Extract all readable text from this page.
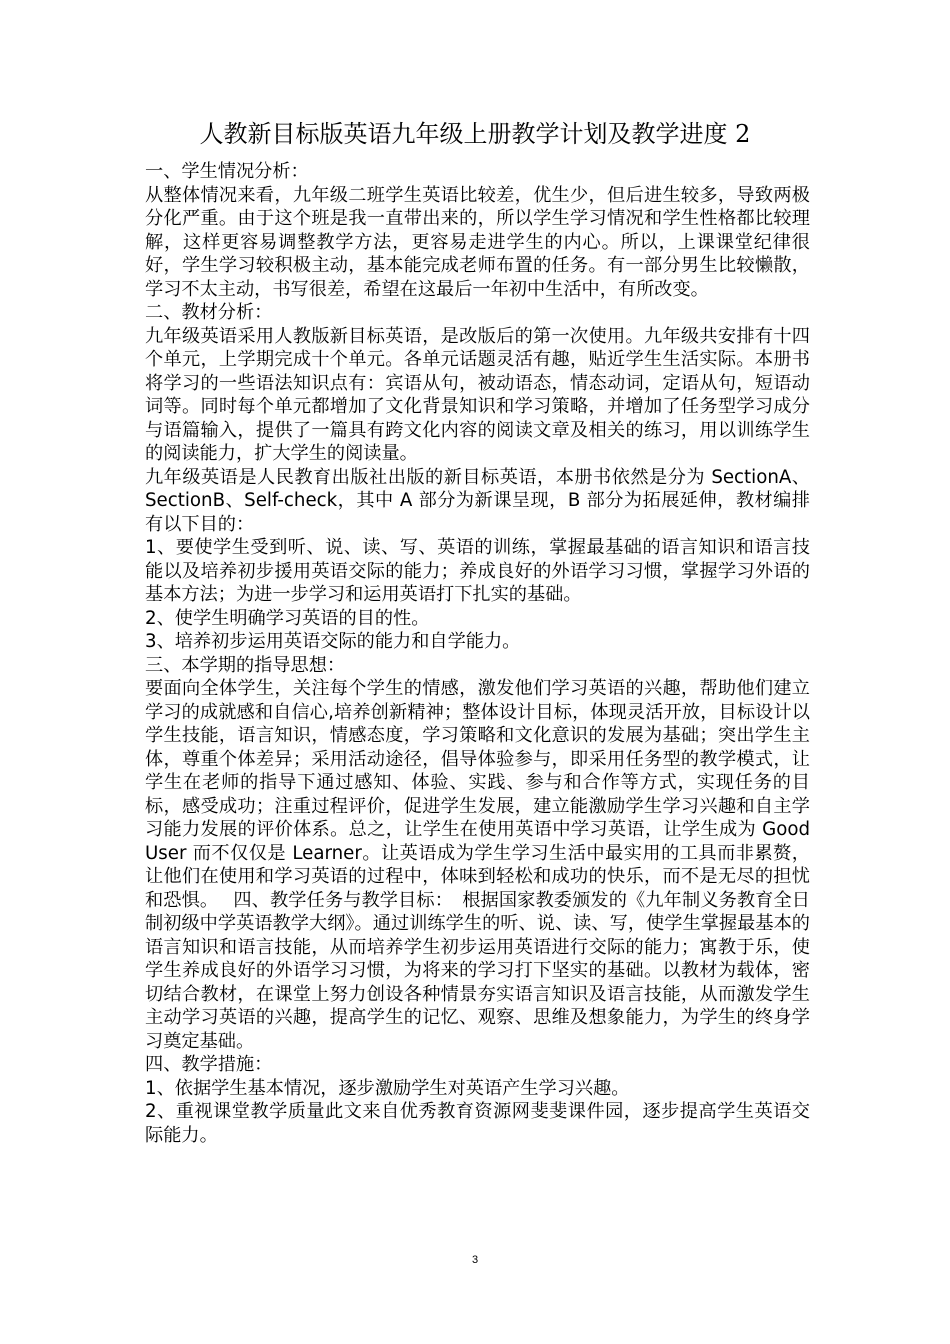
人教新目标版英语九年级上册教学计划及教学进度 2

一、学生情况分析：

从整体情况来看，九年级二班学生英语比较差，优生少，但后进生较多，导致两极分化严重。由于这个班是我一直带出来的，所以学生学习情况和学生性格都比较理解，这样更容易调整教学方法，更容易走进学生的内心。所以，上课课堂纪律很好，学生学习较积极主动，基本能完成老师布置的任务。有一部分男生比较懒散，学习不太主动，书写很差，希望在这最后一年初中生活中，有所改变。

二、教材分析：

九年级英语采用人教版新目标英语，是改版后的第一次使用。九年级共安排有十四个单元，上学期完成十个单元。各单元话题灵活有趣，贴近学生生活实际。本册书将学习的一些语法知识点有：宾语从句，被动语态，情态动词，定语从句，短语动词等。同时每个单元都增加了文化背景知识和学习策略，并增加了任务型学习成分与语篇输入，提供了一篇具有跨文化内容的阅读文章及相关的练习，用以训练学生的阅读能力，扩大学生的阅读量。

九年级英语是人民教育出版社出版的新目标英语，本册书依然是分为 SectionA、SectionB、Self-check，其中 A 部分为新课呈现，B 部分为拓展延伸，教材编排有以下目的：

1、要使学生受到听、说、读、写、英语的训练，掌握最基础的语言知识和语言技能以及培养初步援用英语交际的能力；养成良好的外语学习习惯，掌握学习外语的基本方法；为进一步学习和运用英语打下扎实的基础。

2、使学生明确学习英语的目的性。

3、培养初步运用英语交际的能力和自学能力。

三、本学期的指导思想：

要面向全体学生，关注每个学生的情感，激发他们学习英语的兴趣，帮助他们建立学习的成就感和自信心,培养创新精神；整体设计目标，体现灵活开放，目标设计以学生技能，语言知识，情感态度，学习策略和文化意识的发展为基础；突出学生主体，尊重个体差异；采用活动途径，倡导体验参与，即采用任务型的教学模式，让学生在老师的指导下通过感知、体验、实践、参与和合作等方式，实现任务的目标，感受成功；注重过程评价，促进学生发展，建立能激励学生学习兴趣和自主学习能力发展的评价体系。总之，让学生在使用英语中学习英语，让学生成为 Good　User 而不仅仅是 Learner。让英语成为学生学习生活中最实用的工具而非累赘，让他们在使用和学习英语的过程中，体味到轻松和成功的快乐，而不是无尽的担忧和恐惧。　 四、教学任务与教学目标：　根据国家教委颁发的《九年制义务教育全日制初级中学英语教学大纲》。通过训练学生的听、说、读、写，使学生掌握最基本的语言知识和语言技能，从而培养学生初步运用英语进行交际的能力；寓教于乐，使学生养成良好的外语学习习惯，为将来的学习打下坚实的基础。以教材为载体，密切结合教材，在课堂上努力创设各种情景夯实语言知识及语言技能，从而激发学生主动学习英语的兴趣，提高学生的记忆、观察、思维及想象能力，为学生的终身学习奠定基础。

四、教学措施：

1、依据学生基本情况，逐步激励学生对英语产生学习兴趣。

2、重视课堂教学质量此文来自优秀教育资源网斐斐课件园，逐步提高学生英语交际能力。

3
